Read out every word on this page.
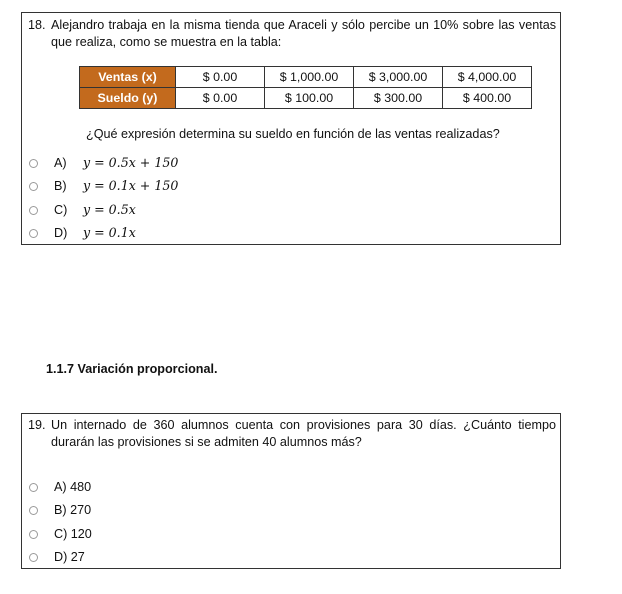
18. Alejandro trabaja en la misma tienda que Araceli y sólo percibe un 10% sobre las ventas que realiza, como se muestra en la tabla:
Ventas (x)	$ 0.00	$ 1,000.00	$ 3,000.00	$ 4,000.00
Sueldo (y)	$ 0.00	$ 100.00	$ 300.00	$ 400.00
¿Qué expresión determina su sueldo en función de las ventas realizadas?
A) y = 0.5x + 150
B) y = 0.1x + 150
C) y = 0.5x
D) y = 0.1x
1.1.7 Variación proporcional.
19. Un internado de 360 alumnos cuenta con provisiones para 30 días. ¿Cuánto tiempo durarán las provisiones si se admiten 40 alumnos más?
A) 480
B) 270
C) 120
D) 27
